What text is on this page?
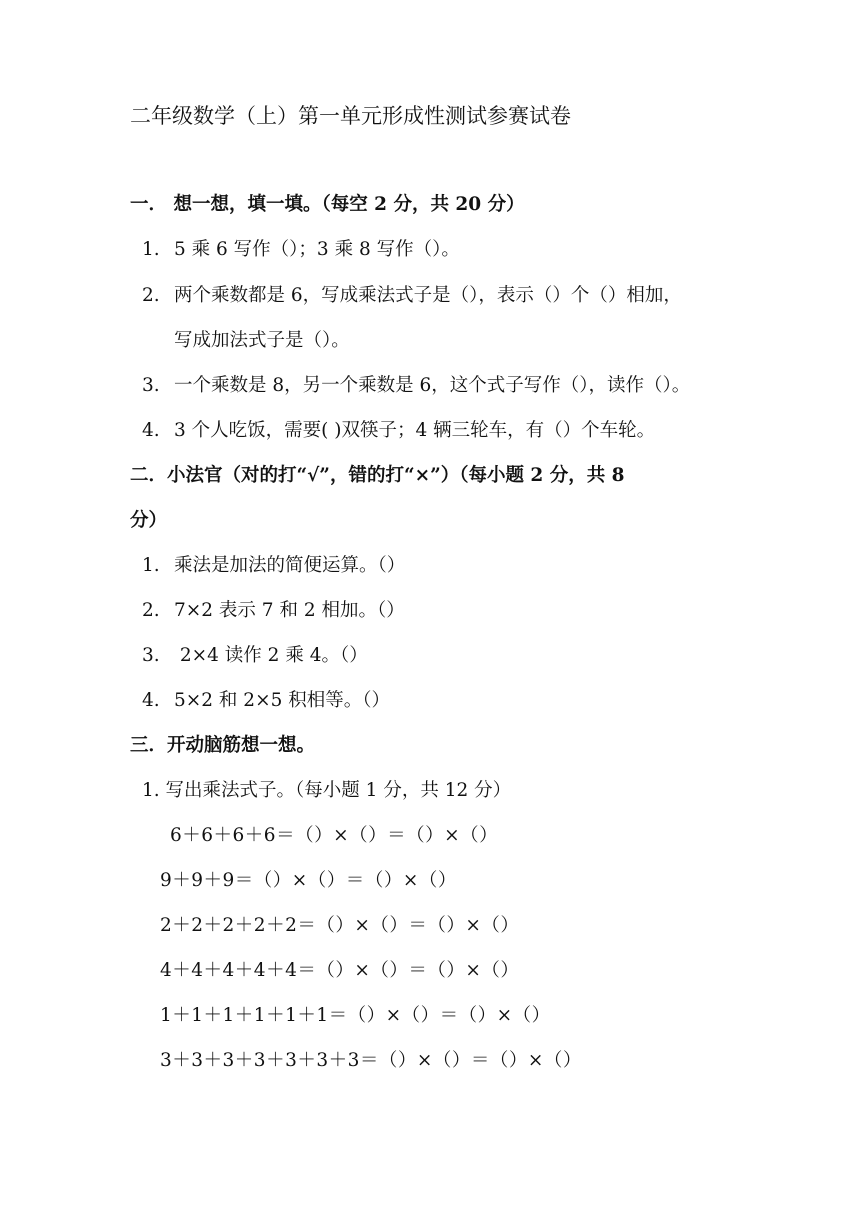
二年级数学（上）第一单元形成性测试参赛试卷
一． 想一想，填一填。（每空 2 分，共 20 分）
1. 5 乘 6 写作（）；3 乘 8 写作（）。
2. 两个乘数都是 6，写成乘法式子是（），表示（）个（）相加，
写成加法式子是（）。
3. 一个乘数是 8，另一个乘数是 6，这个式子写作（），读作（）。
4. 3 个人吃饭，需要( )双筷子；4 辆三轮车，有（）个车轮。
二．小法官（对的打“√”，错的打“×”）（每小题 2 分，共 8
分）
1. 乘法是加法的简便运算。（）
2. 7×2 表示 7 和 2 相加。（）
3. 2×4 读作 2 乘 4。（）
4. 5×2 和 2×5 积相等。（）
三．开动脑筋想一想。
1. 写出乘法式子。（每小题 1 分，共 12 分）
6＋6＋6＋6＝（）×（）＝（）×（）
9＋9＋9＝（）×（）＝（）×（）
2＋2＋2＋2＋2＝（）×（）＝（）×（）
4＋4＋4＋4＋4＝（）×（）＝（）×（）
1＋1＋1＋1＋1＋1＝（）×（）＝（）×（）
3＋3＋3＋3＋3＋3＋3＝（）×（）＝（）×（）
